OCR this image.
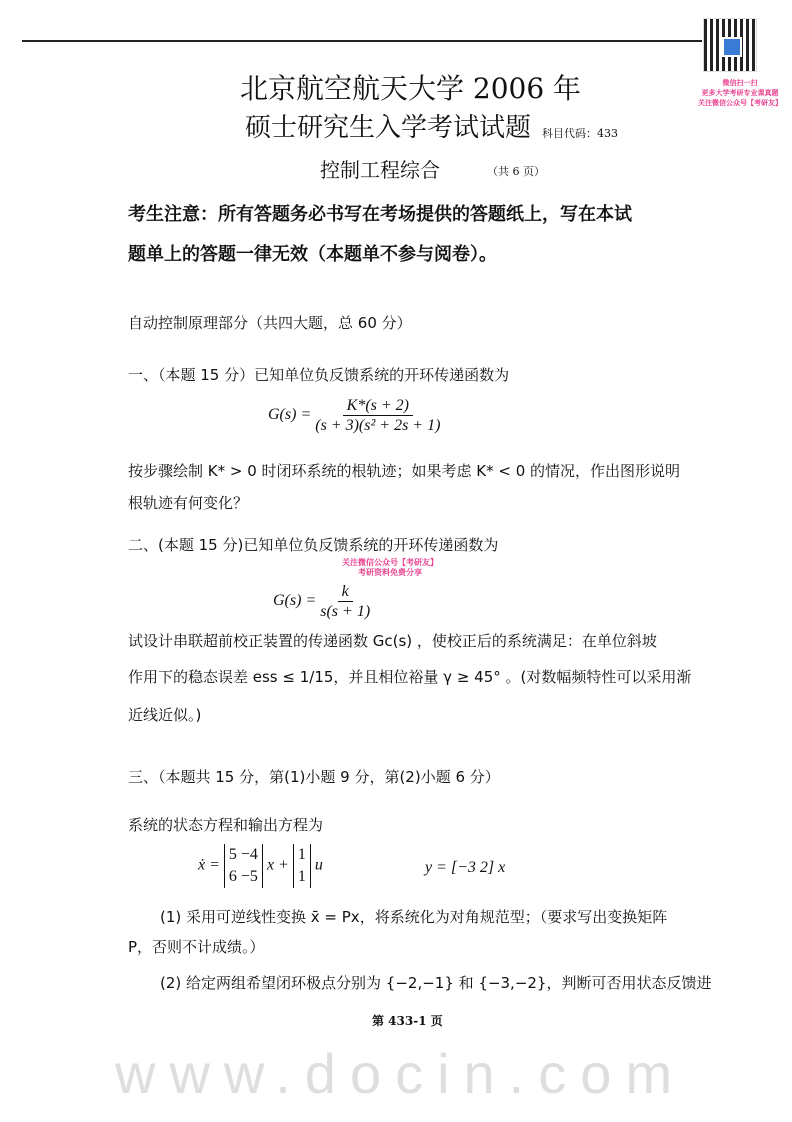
www.docin.com
微信扫一扫
更多大学考研专业课真题
关注微信公众号【考研友】
北京航空航天大学 2006 年
硕士研究生入学考试试题 科目代码：433
控制工程综合	（共 6 页）
考生注意：所有答题务必书写在考场提供的答题纸上，写在本试
题单上的答题一律无效（本题单不参与阅卷）。
自动控制原理部分（共四大题，总 60 分）
一、（本题 15 分）已知单位负反馈系统的开环传递函数为
$G(s) = \frac{K*(s + 2)}{\text{(s + 3)(s² + 2s + 1)}}$
按步骤绘制 K* > 0 时闭环系统的根轨迹；如果考虑 K* < 0 的情况，作出图形说明
根轨迹有何变化？
二、(本题 15 分)已知单位负反馈系统的开环传递函数为
关注微信公众号【考研友】
考研资料免费分享
$G(s) = \frac{k}{s(s + 1)}$
试设计串联超前校正装置的传递函数 Gc(s) ，使校正后的系统满足：在单位斜坡
作用下的稳态误差 ess ≤ 1/15，并且相位裕量 γ ≥ 45° 。(对数幅频特性可以采用渐
近线近似。)
三、（本题共 15 分，第(1)小题 9 分，第(2)小题 6 分）
系统的状态方程和输出方程为
ẋ =
5 −4
6 −5
x +
1
1
u	y = [−3 2] x
(1) 采用可逆线性变换 x̄ = Px，将系统化为对角规范型；（要求写出变换矩阵
P，否则不计成绩。）
(2) 给定两组希望闭环极点分别为 {−2,−1} 和 {−3,−2}，判断可否用状态反馈进
第 433-1 页
